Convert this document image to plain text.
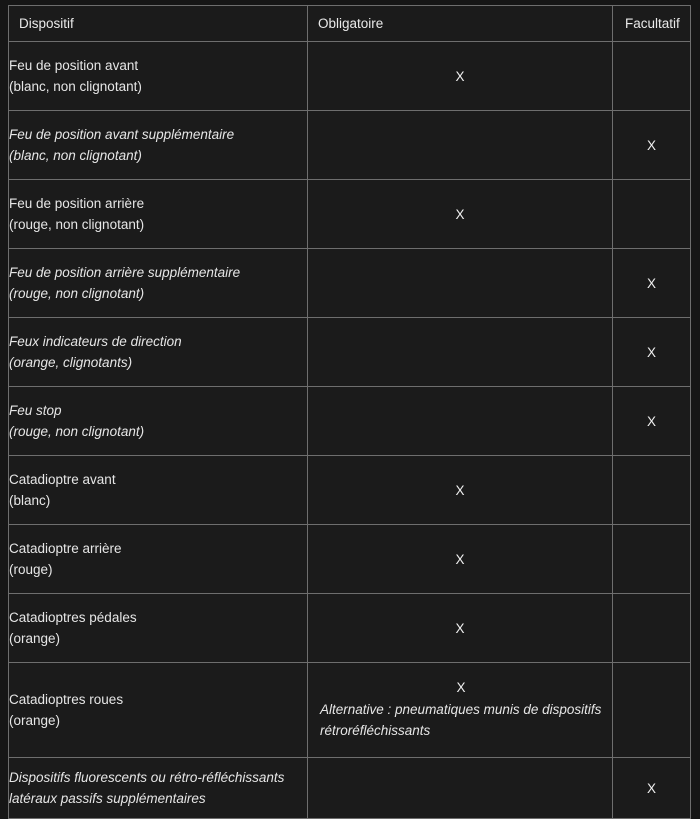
Dispositif	Obligatoire	Facultatif

Feu de position avant
(blanc, non clignotant)	X	

Feu de position avant supplémentaire
(blanc, non clignotant)		X

Feu de position arrière
(rouge, non clignotant)	X	

Feu de position arrière supplémentaire
(rouge, non clignotant)		X

Feux indicateurs de direction
(orange, clignotants)		X

Feu stop
(rouge, non clignotant)		X

Catadioptre avant
(blanc)	X	

Catadioptre arrière
(rouge)	X	

Catadioptres pédales
(orange)	X	

Catadioptres roues
(orange)	X
Alternative : pneumatiques munis de dispositifs rétroréfléchissants	

Dispositifs fluorescents ou rétro-réfléchissants
latéraux passifs supplémentaires		X
